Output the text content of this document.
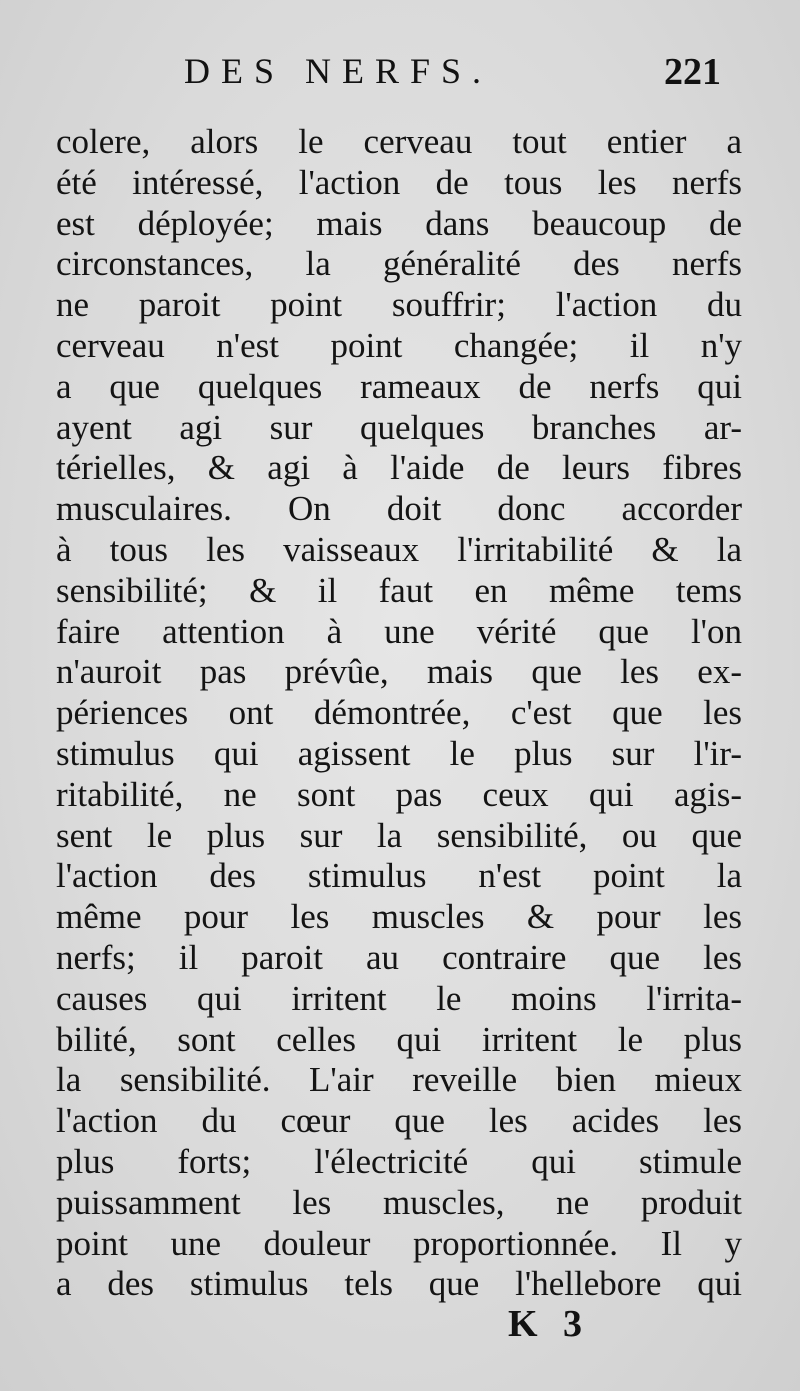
DES NERFS.	221
colere, alors le cerveau tout entier a
été intéressé, l'action de tous les nerfs
est déployée; mais dans beaucoup de
circonstances, la généralité des nerfs
ne paroit point souffrir; l'action du
cerveau n'est point changée; il n'y
a que quelques rameaux de nerfs qui
ayent agi sur quelques branches ar-
térielles, & agi à l'aide de leurs fibres
musculaires. On doit donc accorder
à tous les vaisseaux l'irritabilité & la
sensibilité; & il faut en même tems
faire attention à une vérité que l'on
n'auroit pas prévûe, mais que les ex-
périences ont démontrée, c'est que les
stimulus qui agissent le plus sur l'ir-
ritabilité, ne sont pas ceux qui agis-
sent le plus sur la sensibilité, ou que
l'action des stimulus n'est point la
même pour les muscles & pour les
nerfs; il paroit au contraire que les
causes qui irritent le moins l'irrita-
bilité, sont celles qui irritent le plus
la sensibilité. L'air reveille bien mieux
l'action du cœur que les acides les
plus forts; l'électricité qui stimule
puissamment les muscles, ne produit
point une douleur proportionnée. Il y
a des stimulus tels que l'hellebore qui
K 3
